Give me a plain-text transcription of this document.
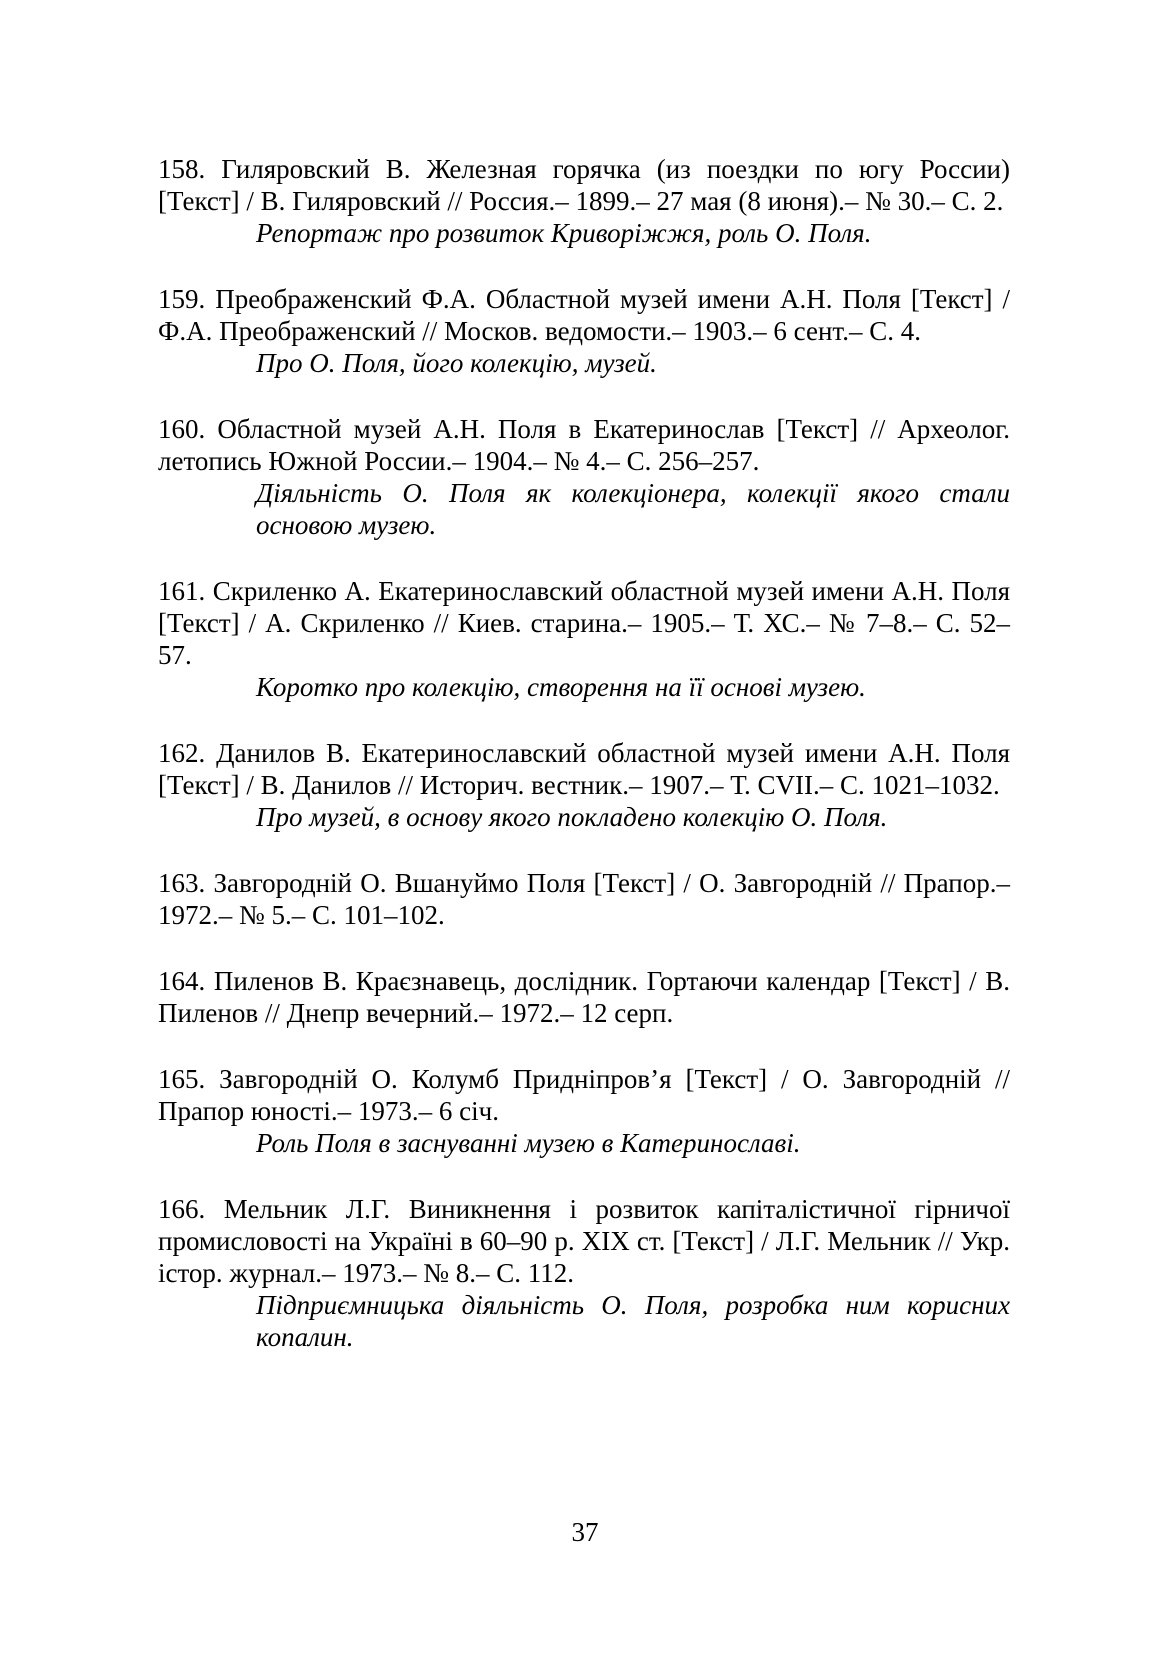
158. Гиляровский В. Железная горячка (из поездки по югу России) [Текст] / В. Гиляровский // Россия.– 1899.– 27 мая (8 июня).– № 30.– С. 2.

Репортаж про розвиток Криворіжжя, роль О. Поля.

159. Преображенский Ф.А. Областной музей имени А.Н. Поля [Текст] / Ф.А. Преображенский // Москов. ведомости.– 1903.– 6 сент.– С. 4.

Про О. Поля, його колекцію, музей.

160. Областной музей А.Н. Поля в Екатеринослав [Текст] // Археолог. летопись Южной России.– 1904.– № 4.– С. 256–257.

Діяльність О. Поля як колекціонера, колекції якого стали основою музею.

161. Скриленко А. Екатеринославский областной музей имени А.Н. Поля [Текст] / А. Скриленко // Киев. старина.– 1905.– Т. ХС.– № 7–8.– С. 52–57.

Коротко про колекцію, створення на її основі музею.

162. Данилов В. Екатеринославский областной музей имени А.Н. Поля [Текст] / В. Данилов // Историч. вестник.– 1907.– Т. CVII.– С. 1021–1032.

Про музей, в основу якого покладено колекцію О. Поля.

163. Завгородній О. Вшануймо Поля [Текст] / О. Завгородній // Прапор.– 1972.– № 5.– С. 101–102.

164. Пиленов В. Краєзнавець, дослідник. Гортаючи календар [Текст] / В. Пиленов // Днепр вечерний.– 1972.– 12 серп.

165. Завгородній О. Колумб Придніпров’я [Текст] / О. Завгородній // Прапор юності.– 1973.– 6 січ.

Роль Поля в заснуванні музею в Катеринославі.

166. Мельник Л.Г. Виникнення і розвиток капіталістичної гірничої промисловості на Україні в 60–90 р. XIX ст. [Текст] / Л.Г. Мельник // Укр. істор. журнал.– 1973.– № 8.– С. 112.

Підприємницька діяльність О. Поля, розробка ним корисних копалин.

37
